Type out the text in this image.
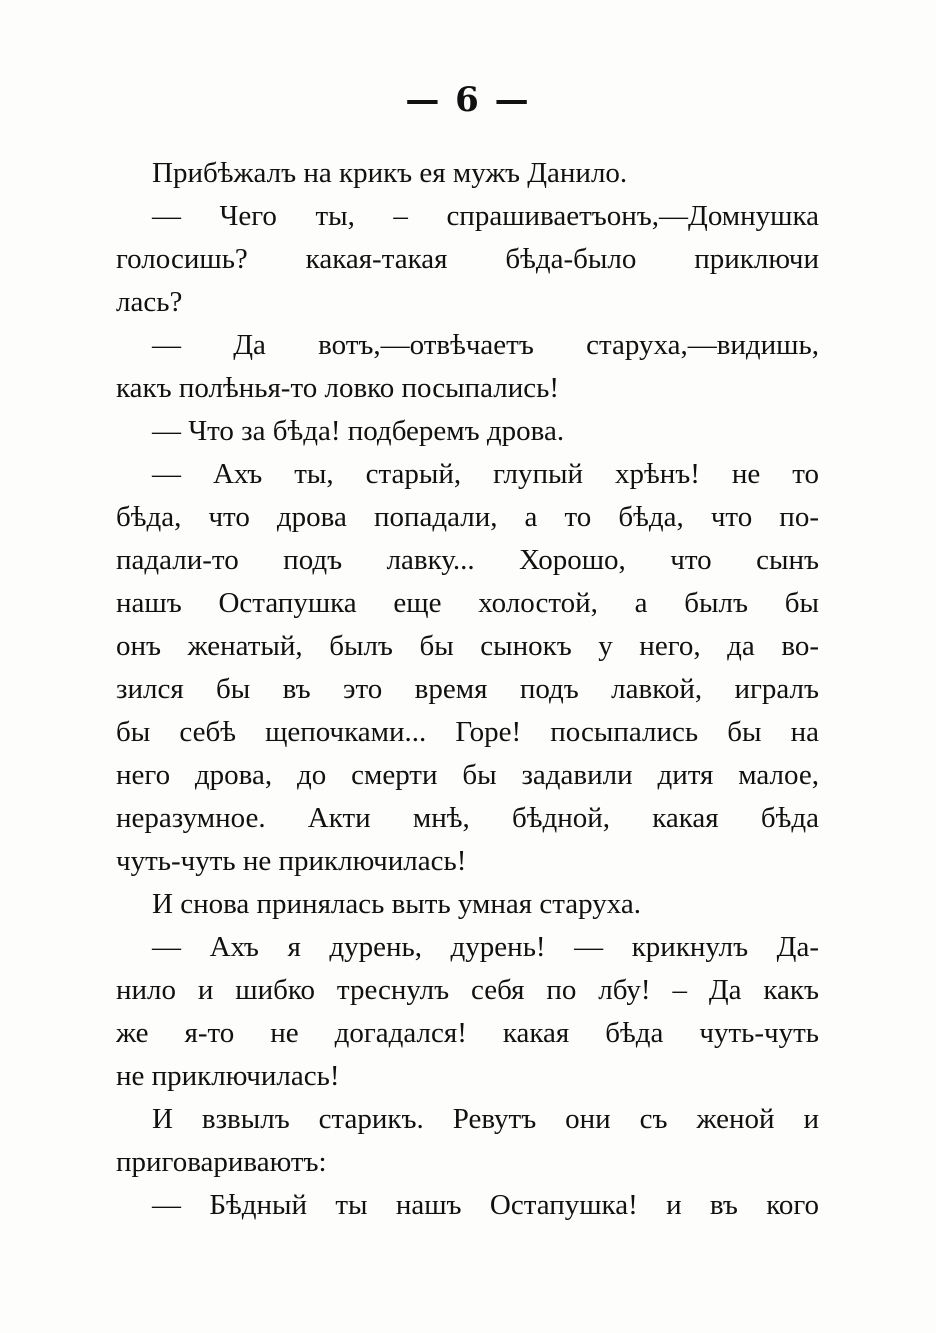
— 6 —
Прибѣжалъ на крикъ ея мужъ Данило.
— Чего ты, – спрашиваетъонъ,—Домнушка
голосишь? какая-такая бѣда-было приключи
лась?
— Да вотъ,—отвѣчаетъ старуха,—видишь,
какъ полѣнья-то ловко посыпались!
— Что за бѣда! подберемъ дрова.
— Ахъ ты, старый, глупый хрѣнъ! не то
бѣда, что дрова попадали, а то бѣда, что по-
падали-то подъ лавку... Хорошо, что сынъ
нашъ Остапушка еще холостой, а былъ бы
онъ женатый, былъ бы сынокъ у него, да во-
зился бы въ это время подъ лавкой, игралъ
бы себѣ щепочками... Горе! посыпались бы на
него дрова, до смерти бы задавили дитя малое,
неразумное. Акти мнѣ, бѣдной, какая бѣда
чуть-чуть не приключилась!
И снова принялась выть умная старуха.
— Ахъ я дурень, дурень! — крикнулъ Да-
нило и шибко треснулъ себя по лбу! – Да какъ
же я-то не догадался! какая бѣда чуть-чуть
не приключилась!
И взвылъ старикъ. Ревутъ они съ женой и
приговариваютъ:
— Бѣдный ты нашъ Остапушка! и въ кого
